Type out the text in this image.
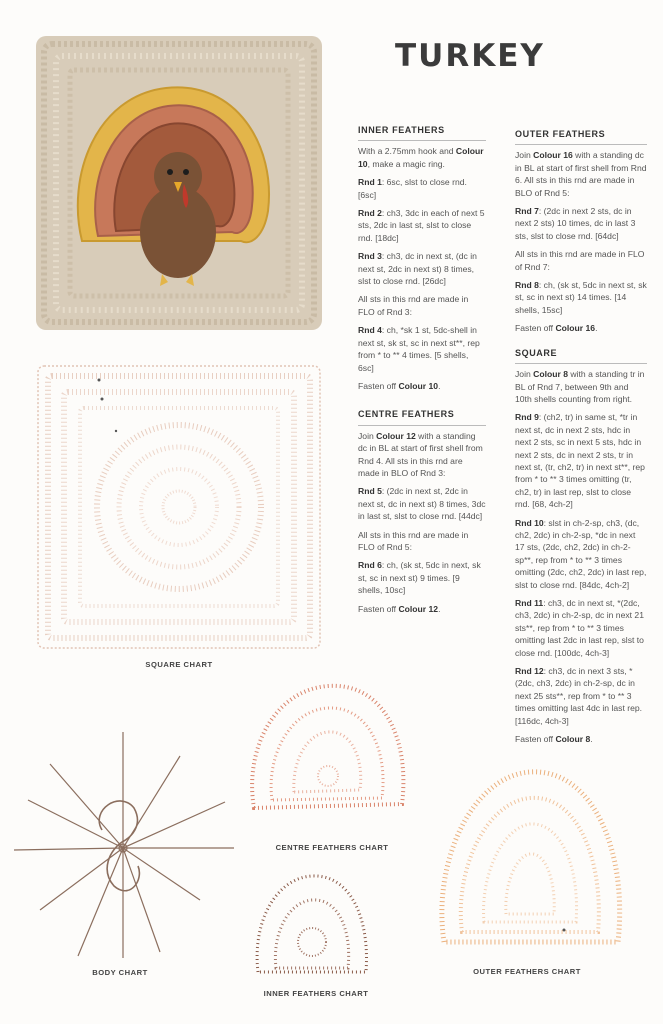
TURKEY
SQUARE CHART
CENTRE FEATHERS CHART
BODY CHART
INNER FEATHERS CHART
OUTER FEATHERS CHART
INNER FEATHERS

With a 2.75mm hook and Colour 10, make a magic ring.

Rnd 1: 6sc, slst to close rnd. [6sc]

Rnd 2: ch3, 3dc in each of next 5 sts, 2dc in last st, slst to close rnd. [18dc]

Rnd 3: ch3, dc in next st, (dc in next st, 2dc in next st) 8 times, slst to close rnd. [26dc]

All sts in this rnd are made in FLO of Rnd 3:

Rnd 4: ch, *sk 1 st, 5dc-shell in next st, sk st, sc in next st**, rep from * to ** 4 times. [5 shells, 6sc]

Fasten off Colour 10.

CENTRE FEATHERS

Join Colour 12 with a standing dc in BL at start of first shell from Rnd 4. All sts in this rnd are made in BLO of Rnd 3:

Rnd 5: (2dc in next st, 2dc in next st, dc in next st) 8 times, 3dc in last st, slst to close rnd. [44dc]

All sts in this rnd are made in FLO of Rnd 5:

Rnd 6: ch, (sk st, 5dc in next, sk st, sc in next st) 9 times. [9 shells, 10sc]

Fasten off Colour 12.

OUTER FEATHERS

Join Colour 16 with a standing dc in BL at start of first shell from Rnd 6. All sts in this rnd are made in BLO of Rnd 5:

Rnd 7: (2dc in next 2 sts, dc in next 2 sts) 10 times, dc in last 3 sts, slst to close rnd. [64dc]

All sts in this rnd are made in FLO of Rnd 7:

Rnd 8: ch, (sk st, 5dc in next st, sk st, sc in next st) 14 times. [14 shells, 15sc]

Fasten off Colour 16.

SQUARE

Join Colour 8 with a standing tr in BL of Rnd 7, between 9th and 10th shells counting from right.

Rnd 9: (ch2, tr) in same st, *tr in next st, dc in next 2 sts, hdc in next 2 sts, sc in next 5 sts, hdc in next 2 sts, dc in next 2 sts, tr in next st, (tr, ch2, tr) in next st**, rep from * to ** 3 times omitting (tr, ch2, tr) in last rep, slst to close rnd. [68, 4ch-2]

Rnd 10: slst in ch-2-sp, ch3, (dc, ch2, 2dc) in ch-2-sp, *dc in next 17 sts, (2dc, ch2, 2dc) in ch-2-sp**, rep from * to ** 3 times omitting (2dc, ch2, 2dc) in last rep, slst to close rnd. [84dc, 4ch-2]

Rnd 11: ch3, dc in next st, *(2dc, ch3, 2dc) in ch-2-sp, dc in next 21 sts**, rep from * to ** 3 times omitting last 2dc in last rep, slst to close rnd. [100dc, 4ch-3]

Rnd 12: ch3, dc in next 3 sts, *(2dc, ch3, 2dc) in ch-2-sp, dc in next 25 sts**, rep from * to ** 3 times omitting last 4dc in last rep. [116dc, 4ch-3]

Fasten off Colour 8.
